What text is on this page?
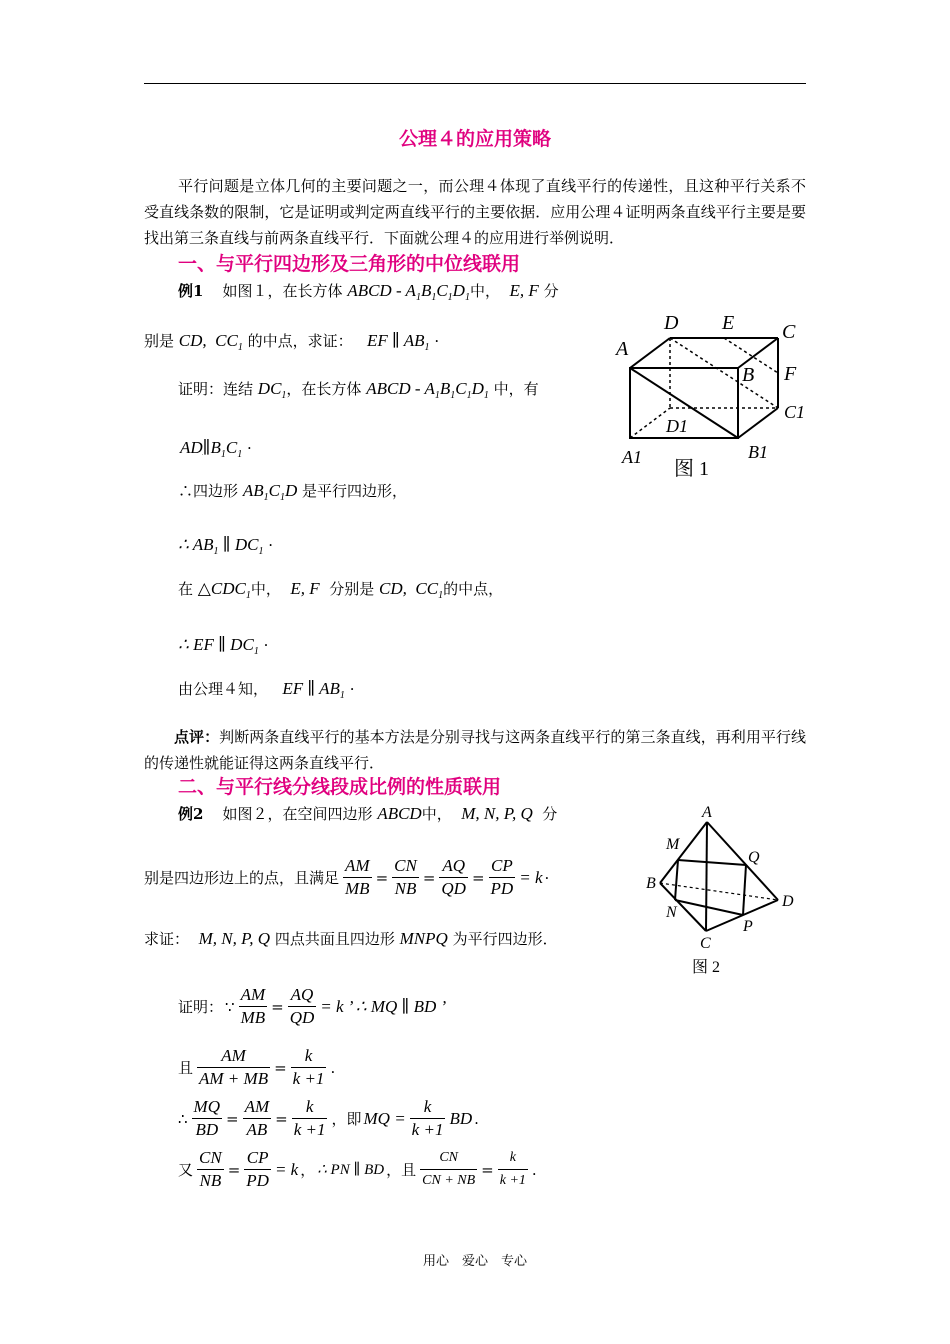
公理４的应用策略
平行问题是立体几何的主要问题之一，而公理４体现了直线平行的传递性，且这种平行关系不受直线条数的限制，它是证明或判定两直线平行的主要依据．应用公理４证明两条直线平行主要是要找出第三条直线与前两条直线平行．下面就公理４的应用进行举例说明．
一、与平行四边形及三角形的中位线联用
例1 如图１，在长方体 ABCD - $A_1B_1C_1D_1$中， E, F 分
别是 CD,  $CC_1$ 的中点，求证： EF ∥ $AB_1$ ·
证明：连结 $DC_1$，在长方体 ABCD - $A_1B_1C_1D_1$ 中，有
$AD\parallel B_1C_1$ ·
∴四边形 $AB_1C_1D$ 是平行四边形，
∴ $AB_1$ ∥ $DC_1$ ·
在 $\triangle CDC_1$中， E, F 分别是 CD,  $CC_1$的中点，
∴ EF ∥ $DC_1$ ·
由公理４知， EF ∥ $AB_1$ ·
点评：判断两条直线平行的基本方法是分别寻找与这两条直线平行的第三条直线，再利用平行线的传递性就能证得这两条直线平行．
A
B
C
D E
F
A1	B1
C1
D1
图 1
二、与平行线分线段成比例的性质联用
例2 如图２，在空间四边形 ABCD中， M, N, P, Q 分
别是四边形边上的点，且满足 $\frac{AM}{MB} = \frac{CN}{NB} = \frac{AQ}{QD} = \frac{CP}{PD} = k$ ·
求证： M, N, P, Q 四点共面且四边形 MNPQ 为平行四边形．
证明： ∵ $\frac{AM}{MB} = \frac{AQ}{QD} = k$ ’ ∴ MQ ∥ BD ’
且 $\frac{AM}{AM + MB} = \frac{k}{k +1}$ .
∴ $\frac{MQ}{BD} = \frac{AM}{AB} = \frac{k}{k +1}$ ，即 MQ = $\frac{k}{k +1}$ BD .
又 $\frac{CN}{NB} = \frac{CP}{PD} = k$ ， ∴ PN ∥ BD ，且 $\frac{CN}{CN + NB} = \frac{k}{k +1}$ .
A
B
C
D
M
N
P
Q
图 2
用心　爱心　专心
